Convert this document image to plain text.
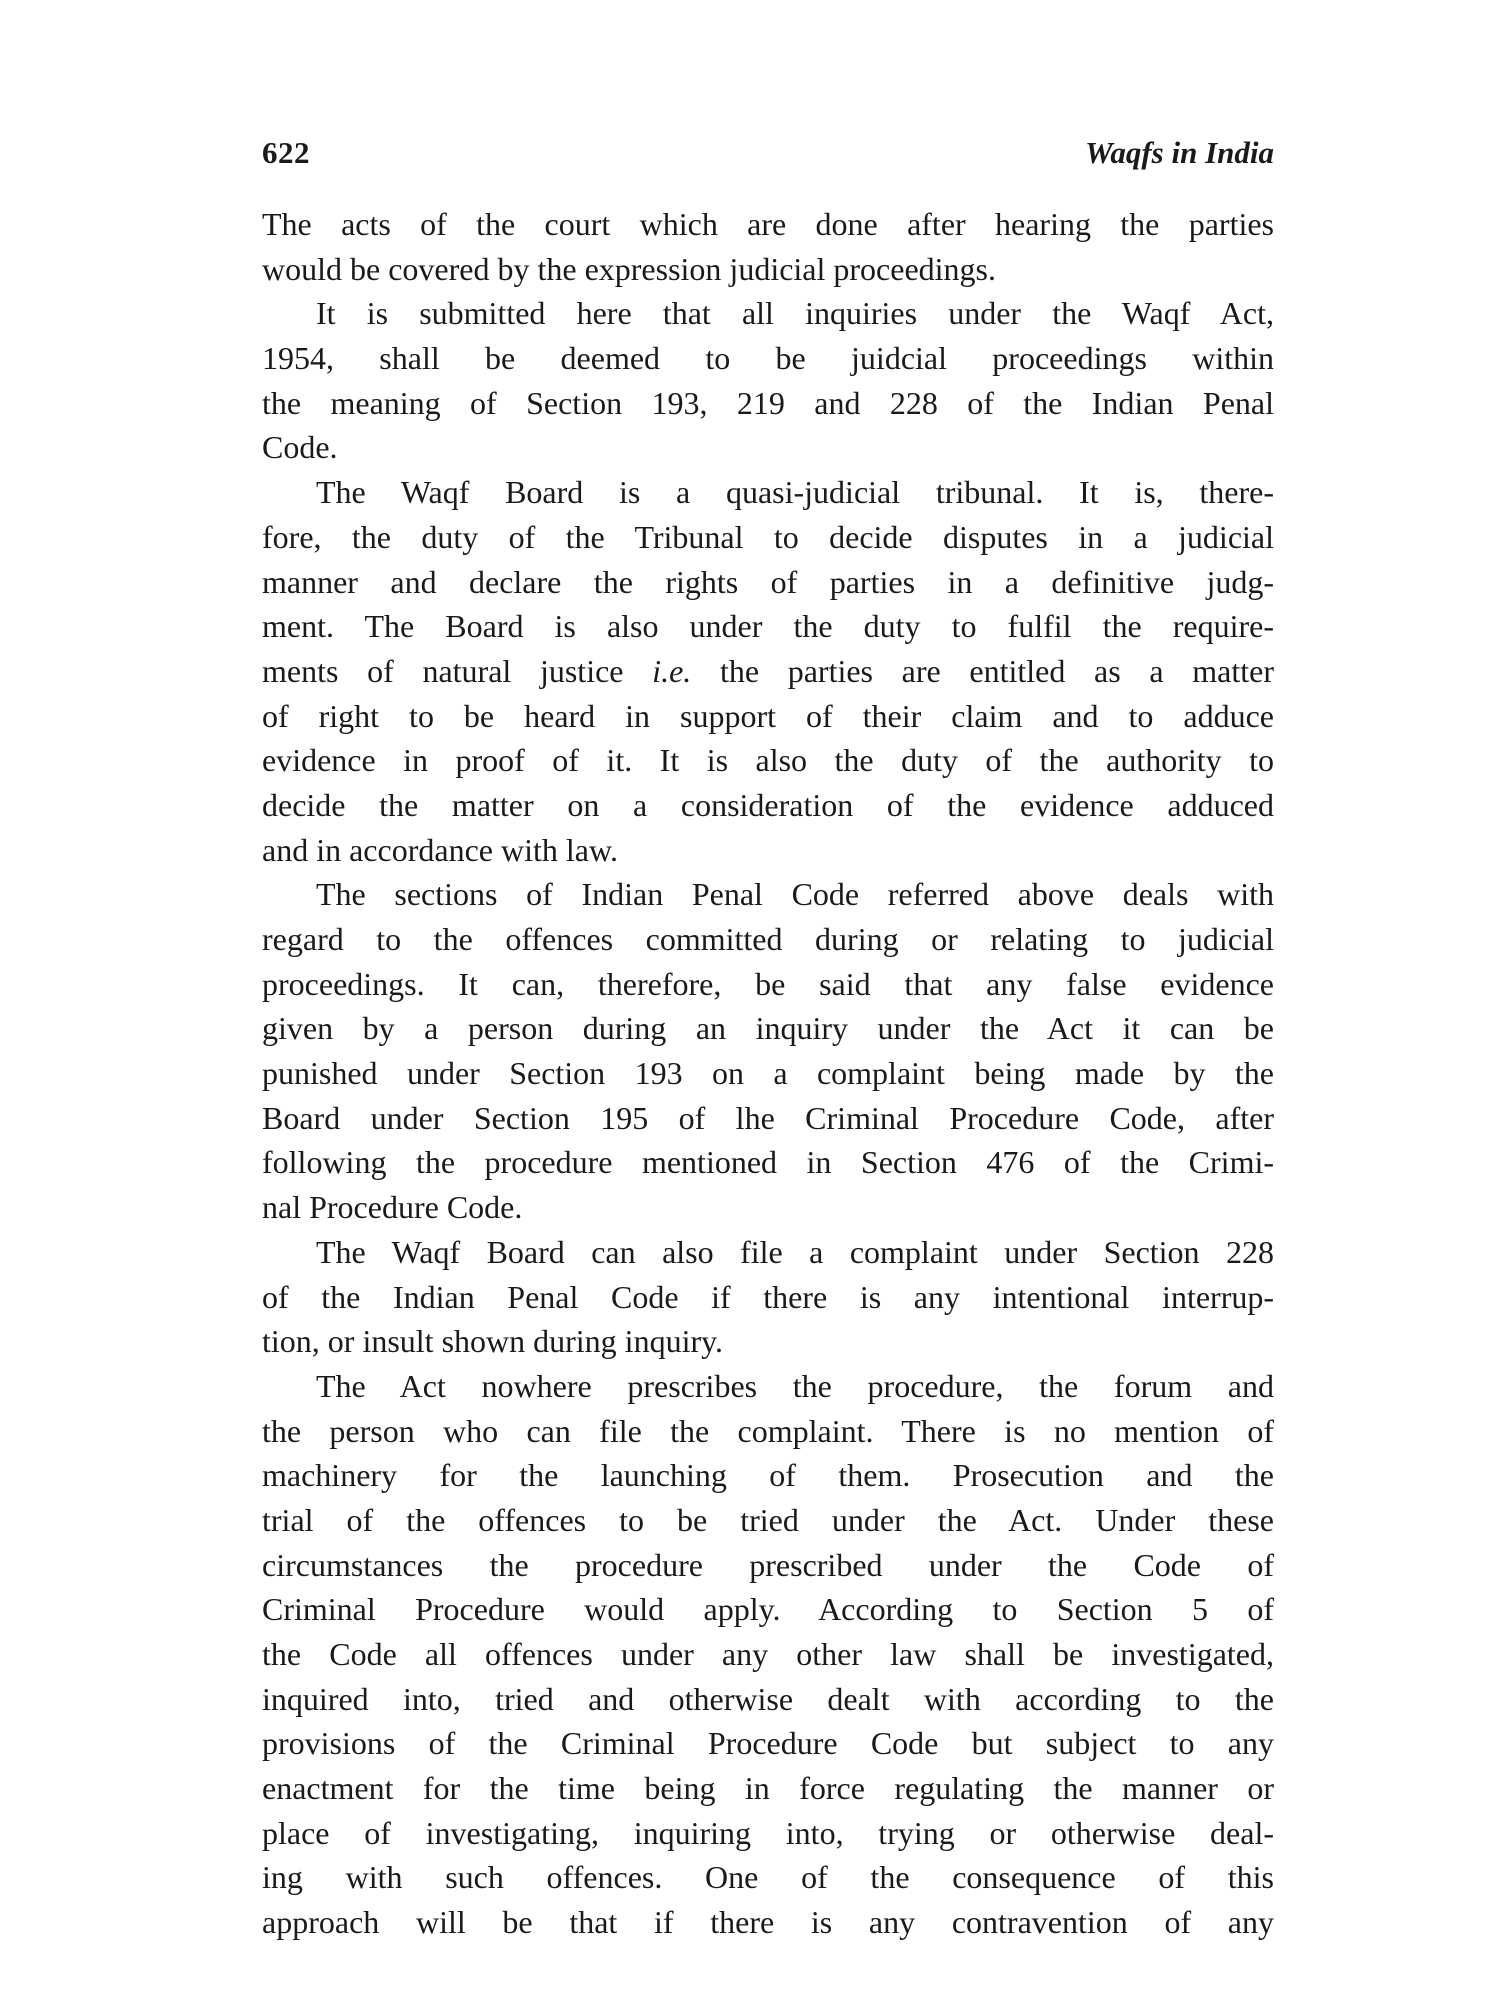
622	Waqfs in India
The acts of the court which are done after hearing the parties
would be covered by the expression judicial proceedings.
It is submitted here that all inquiries under the Waqf Act,
1954, shall be deemed to be juidcial proceedings within
the meaning of Section 193, 219 and 228 of the Indian Penal
Code.
The Waqf Board is a quasi-judicial tribunal. It is, there-
fore, the duty of the Tribunal to decide disputes in a judicial
manner and declare the rights of parties in a definitive judg-
ment. The Board is also under the duty to fulfil the require-
ments of natural justice i.e. the parties are entitled as a matter
of right to be heard in support of their claim and to adduce
evidence in proof of it. It is also the duty of the authority to
decide the matter on a consideration of the evidence adduced
and in accordance with law.
The sections of Indian Penal Code referred above deals with
regard to the offences committed during or relating to judicial
proceedings. It can, therefore, be said that any false evidence
given by a person during an inquiry under the Act it can be
punished under Section 193 on a complaint being made by the
Board under Section 195 of lhe Criminal Procedure Code, after
following the procedure mentioned in Section 476 of the Crimi-
nal Procedure Code.
The Waqf Board can also file a complaint under Section 228
of the Indian Penal Code if there is any intentional interrup-
tion, or insult shown during inquiry.
The Act nowhere prescribes the procedure, the forum and
the person who can file the complaint. There is no mention of
machinery for the launching of them. Prosecution and the
trial of the offences to be tried under the Act. Under these
circumstances the procedure prescribed under the Code of
Criminal Procedure would apply. According to Section 5 of
the Code all offences under any other law shall be investigated,
inquired into, tried and otherwise dealt with according to the
provisions of the Criminal Procedure Code but subject to any
enactment for the time being in force regulating the manner or
place of investigating, inquiring into, trying or otherwise deal-
ing with such offences. One of the consequence of this
approach will be that if there is any contravention of any
